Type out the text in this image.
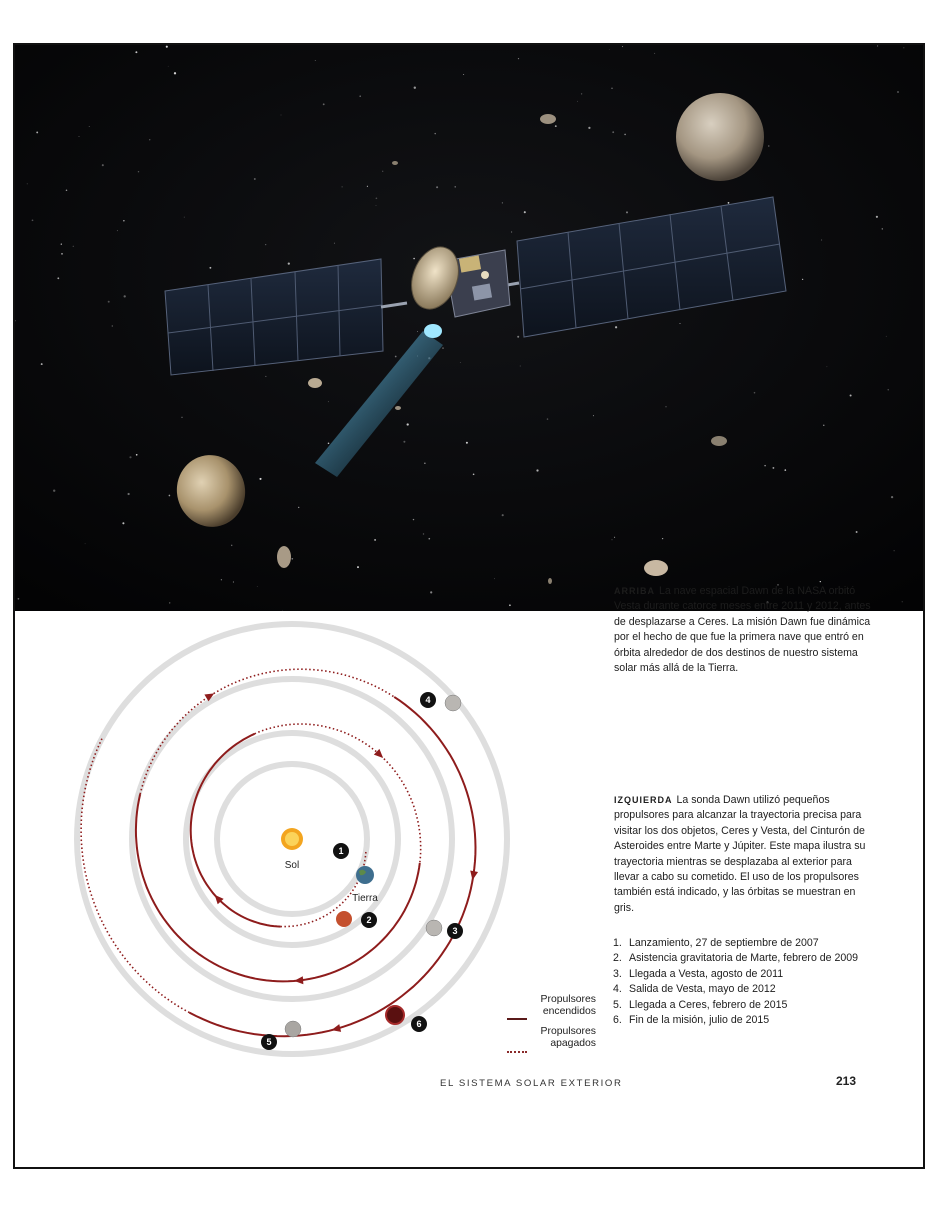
Sol
Tierra
1
2
3
4
5
6
ARRIBA La nave espacial Dawn de la NASA orbitó Vesta durante catorce meses entre 2011 y 2012, antes de desplazarse a Ceres. La misión Dawn fue dinámica por el hecho de que fue la primera nave que entró en órbita alrededor de dos destinos de nuestro sistema solar más allá de la Tierra.
IZQUIERDA La sonda Dawn utilizó pequeños propulsores para alcanzar la trayectoria precisa para visitar los dos objetos, Ceres y Vesta, del Cinturón de Asteroides entre Marte y Júpiter. Este mapa ilustra su trayectoria mientras se desplazaba al exterior para llevar a cabo su cometido. El uso de los propulsores también está indicado, y las órbitas se muestran en gris.
1. Lanzamiento, 27 de septiembre de 2007
2. Asistencia gravitatoria de Marte, febrero de 2009
3. Llegada a Vesta, agosto de 2011
4. Salida de Vesta, mayo de 2012
5. Llegada a Ceres, febrero de 2015
6. Fin de la misión, julio de 2015
Propulsores encendidos
Propulsores apagados
EL SISTEMA SOLAR EXTERIOR	213
